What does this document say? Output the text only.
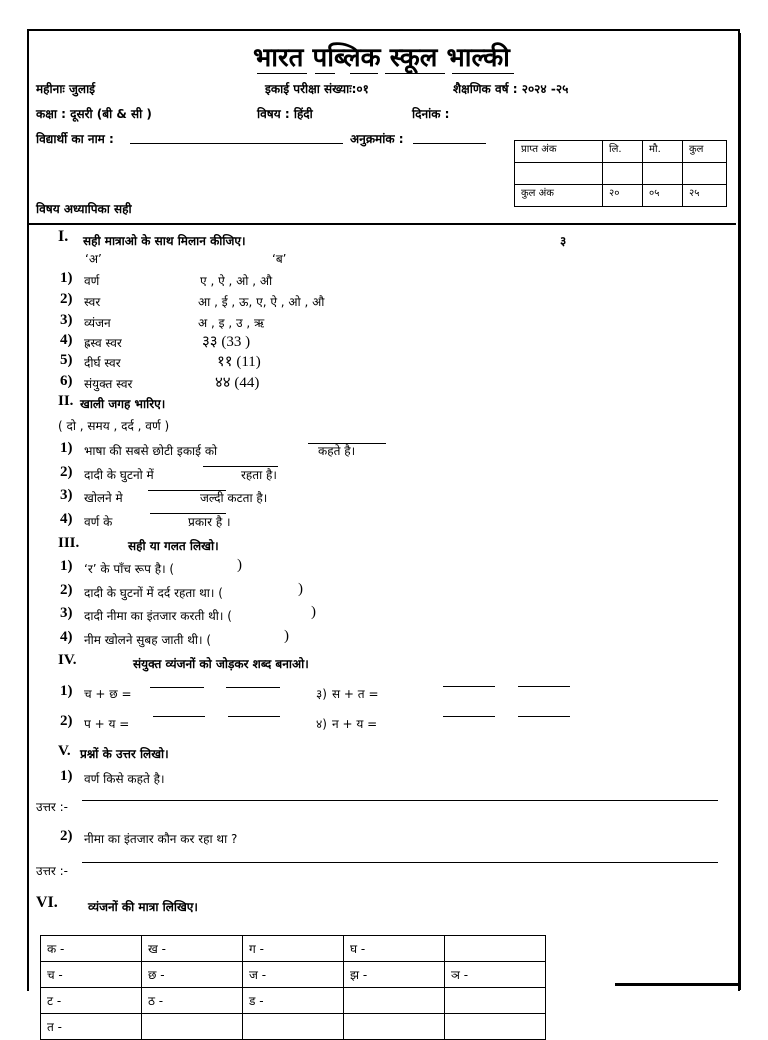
भारत पब्लिक स्कूल भाल्की
महीनाः जुलाई	इकाई परीक्षा संख्याः:०१	शैक्षणिक वर्ष : २०२४ -२५
कक्षा : दूसरी (बी & सी )	विषय : हिंदी	दिनांक :
विद्यार्थी का नाम :	अनुक्रमांक :
विषय अध्यापिका सही
प्राप्त अंक	लि.	मौ.	कुल

कुल अंक	२०	०५	२५
I. सही मात्राओ के साथ मिलान कीजिए।	३
‘अ’	‘ब’
1) वर्ण	ए , ऐ , ओ , औ
2) स्वर	आ , ई , ऊ, ए, ऐ , ओ , औ
3) व्यंजन	अ , इ , उ , ऋ
4) ह्रस्व स्वर	३३ (33 )
5) दीर्घ स्वर	११ (11)
6) संयुक्त स्वर	४४ (44)
II. खाली जगह भारिए।
( दो , समय , दर्द , वर्ण )
1) भाषा की सबसे छोटी इकाई को	कहते है।
2) दादी के घुटनो में	रहता है।
3) खोलने मे	जल्दी कटता है।
4) वर्ण के	प्रकार है ।
III.	सही या गलत लिखो।
1) ‘र’ के पाँच रूप है। (	)
2) दादी के घुटनों में दर्द रहता था। (	)
3) दादी नीमा का इंतजार करती थी। (	)
4) नीम खोलने सुबह जाती थी। (	)
IV.	संयुक्त व्यंजनों को जोड़कर शब्द बनाओ।
1) च + छ =	३) स + त =
2) प + य =	४) न + य =
V. प्रश्नों के उत्तर लिखो।
1) वर्ण किसे कहते है।
उत्तर :-
2) नीमा का इंतजार कौन कर रहा था ?
उत्तर :-
VI.	व्यंजनों की मात्रा लिखिए।
क -	ख -	ग -	घ -	
च -	छ -	ज -	झ -	ञ -
ट -	ठ -	ड -		
त -				
